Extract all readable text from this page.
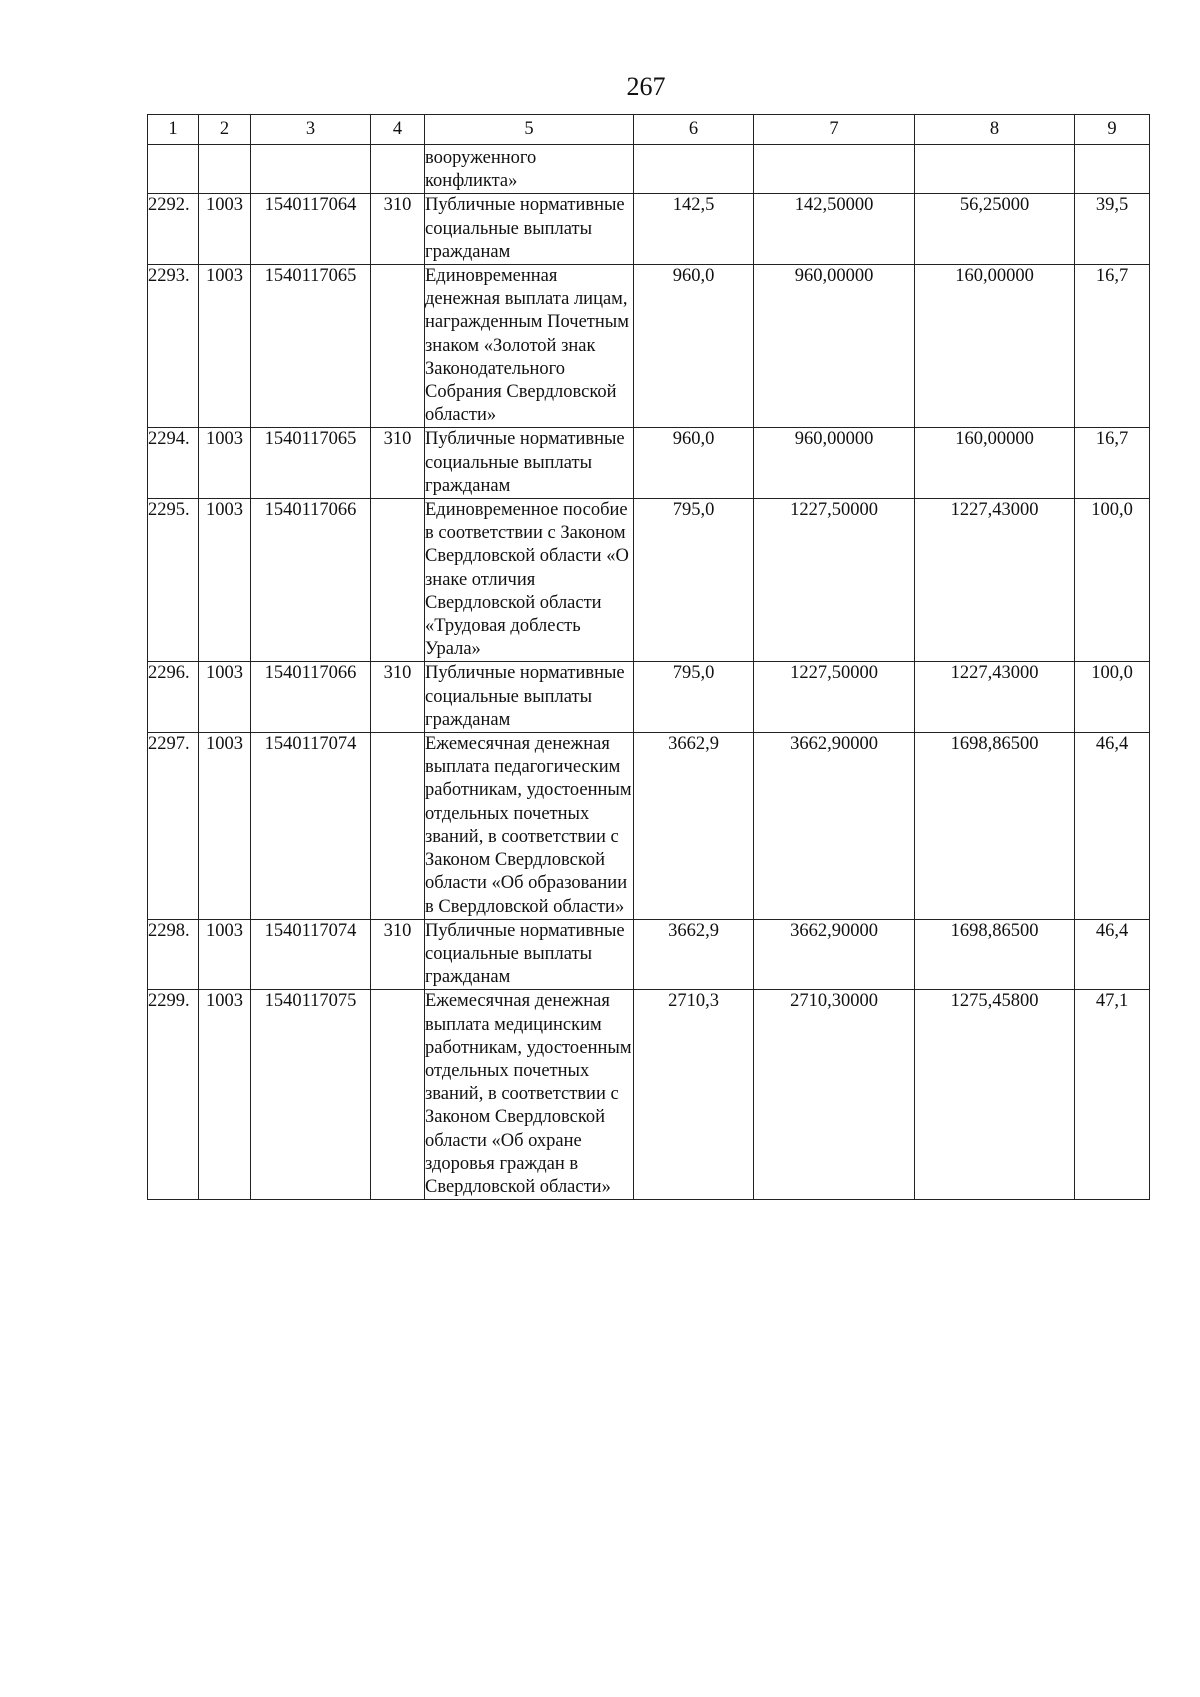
267
1	2	3	4	5	6	7	8	9
				вооруженного конфликта»				
2292.	1003	1540117064	310	Публичные нормативные социальные выплаты гражданам	142,5	142,50000	56,25000	39,5
2293.	1003	1540117065		Единовременная денежная выплата лицам, награжденным Почетным знаком «Золотой знак Законодательного Собрания Свердловской области»	960,0	960,00000	160,00000	16,7
2294.	1003	1540117065	310	Публичные нормативные социальные выплаты гражданам	960,0	960,00000	160,00000	16,7
2295.	1003	1540117066		Единовременное пособие в соответствии с Законом Свердловской области «О знаке отличия Свердловской области «Трудовая доблесть Урала»	795,0	1227,50000	1227,43000	100,0
2296.	1003	1540117066	310	Публичные нормативные социальные выплаты гражданам	795,0	1227,50000	1227,43000	100,0
2297.	1003	1540117074		Ежемесячная денежная выплата педагогическим работникам, удостоенным отдельных почетных званий, в соответствии с Законом Свердловской области «Об образовании в Свердловской области»	3662,9	3662,90000	1698,86500	46,4
2298.	1003	1540117074	310	Публичные нормативные социальные выплаты гражданам	3662,9	3662,90000	1698,86500	46,4
2299.	1003	1540117075		Ежемесячная денежная выплата медицинским работникам, удостоенным отдельных почетных званий, в соответствии с Законом Свердловской области «Об охране здоровья граждан в Свердловской области»	2710,3	2710,30000	1275,45800	47,1
